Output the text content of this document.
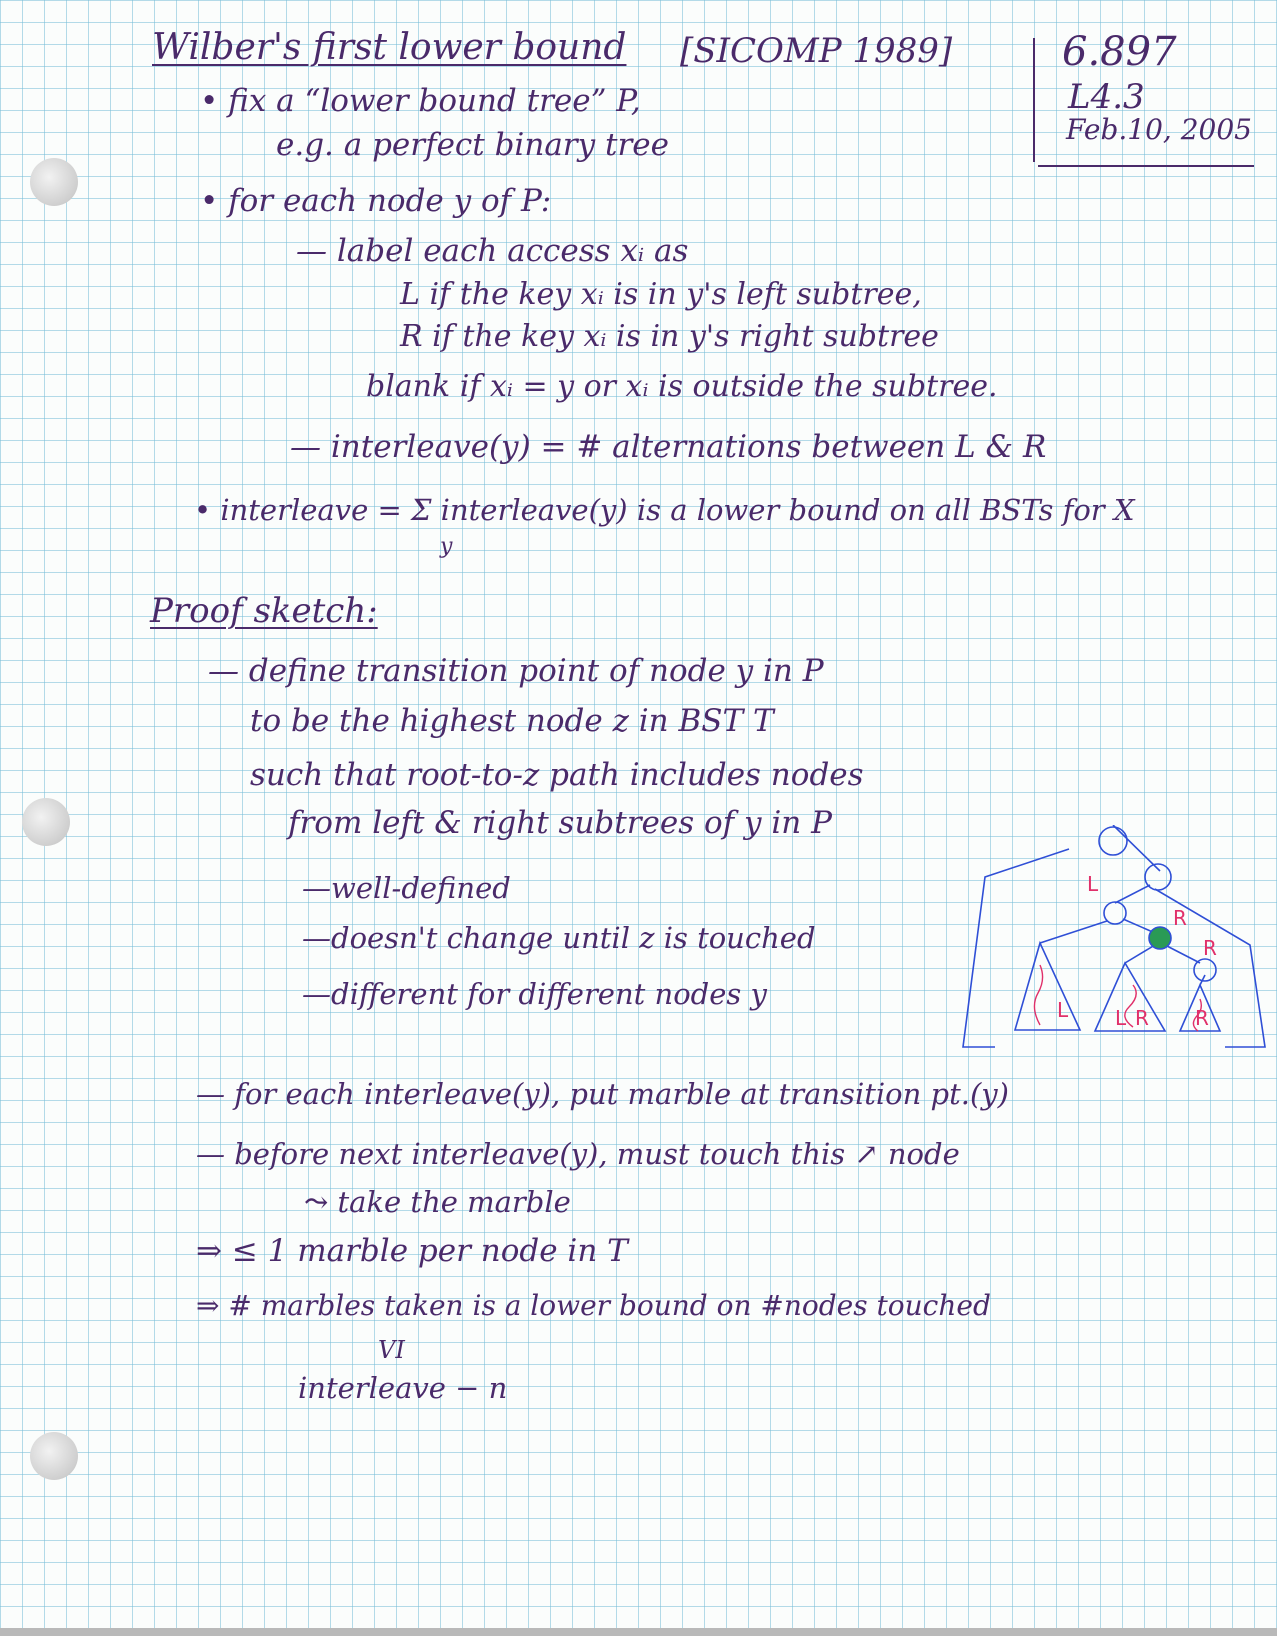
Wilber's first lower bound [SICOMP 1989]	6.897
L4.3
Feb.10, 2005
• fix a “lower bound tree” P,
e.g. a perfect binary tree
• for each node y of P:
— label each access xᵢ as
L if the key xᵢ is in y's left subtree,
R if the key xᵢ is in y's right subtree
blank if xᵢ = y or xᵢ is outside the subtree.
— interleave(y) = # alternations between L & R
• interleave = Σ interleave(y) is a lower bound on all BSTs for X
y
Proof sketch:
— define transition point of node y in P
to be the highest node z in BST T
such that root-to-z path includes nodes
from left & right subtrees of y in P
—well-defined
—doesn't change until z is touched
—different for different nodes y
— for each interleave(y), put marble at transition pt.(y)
— before next interleave(y), must touch this ↗ node
⤳ take the marble
⇒ ≤ 1 marble per node in T
⇒ # marbles taken is a lower bound on #nodes touched
VI
interleave − n
L
R
R
L L R R
